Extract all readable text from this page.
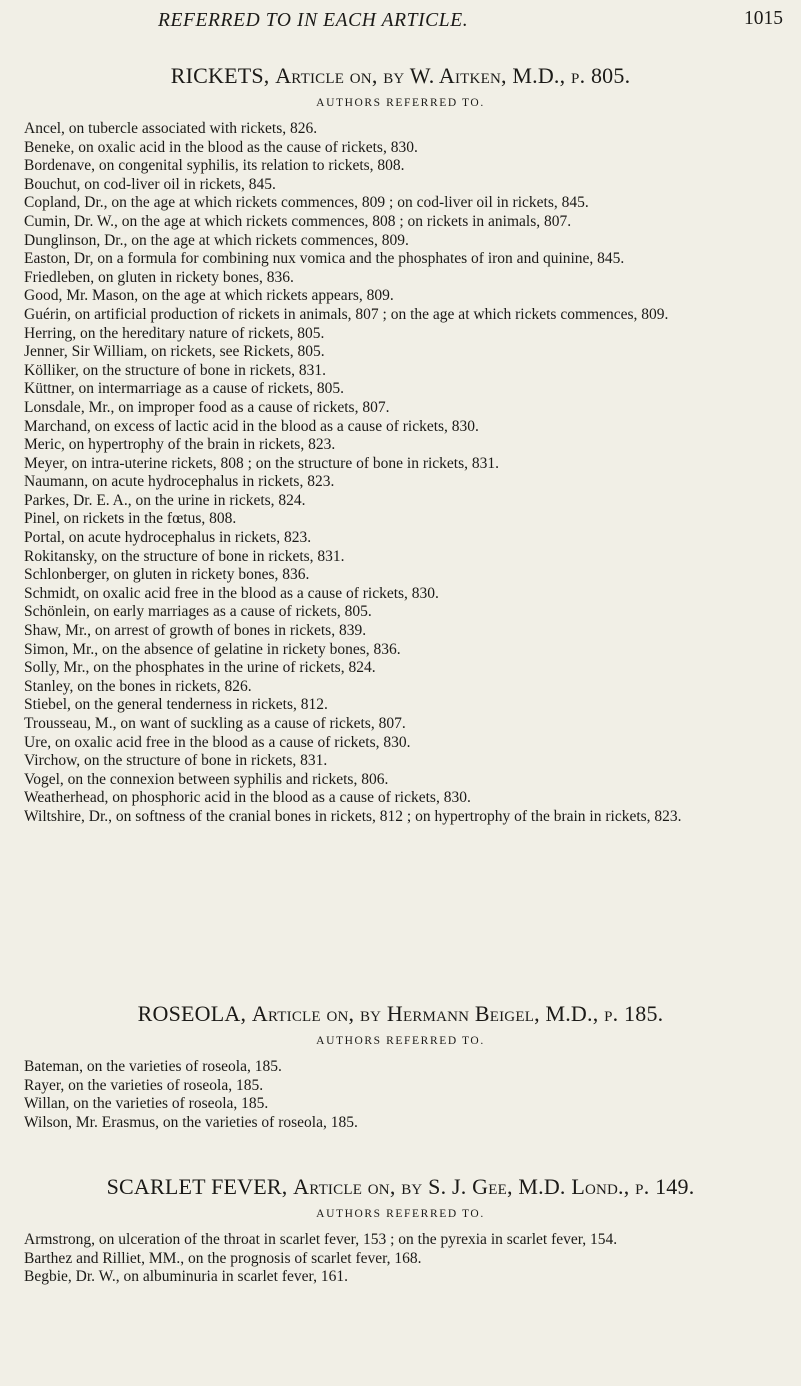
REFERRED TO IN EACH ARTICLE.	1015
RICKETS, Article on, by W. Aitken, M.D., p. 805.
AUTHORS REFERRED TO.
Ancel, on tubercle associated with rickets, 826.
Beneke, on oxalic acid in the blood as the cause of rickets, 830.
Bordenave, on congenital syphilis, its relation to rickets, 808.
Bouchut, on cod-liver oil in rickets, 845.
Copland, Dr., on the age at which rickets commences, 809 ; on cod-liver oil in rickets, 845.
Cumin, Dr. W., on the age at which rickets commences, 808 ; on rickets in animals, 807.
Dunglinson, Dr., on the age at which rickets commences, 809.
Easton, Dr, on a formula for combining nux vomica and the phosphates of iron and quinine, 845.
Friedleben, on gluten in rickety bones, 836.
Good, Mr. Mason, on the age at which rickets appears, 809.
Guérin, on artificial production of rickets in animals, 807 ; on the age at which rickets commences, 809.
Herring, on the hereditary nature of rickets, 805.
Jenner, Sir William, on rickets, see Rickets, 805.
Kölliker, on the structure of bone in rickets, 831.
Küttner, on intermarriage as a cause of rickets, 805.
Lonsdale, Mr., on improper food as a cause of rickets, 807.
Marchand, on excess of lactic acid in the blood as a cause of rickets, 830.
Meric, on hypertrophy of the brain in rickets, 823.
Meyer, on intra-uterine rickets, 808 ; on the structure of bone in rickets, 831.
Naumann, on acute hydrocephalus in rickets, 823.
Parkes, Dr. E. A., on the urine in rickets, 824.
Pinel, on rickets in the fœtus, 808.
Portal, on acute hydrocephalus in rickets, 823.
Rokitansky, on the structure of bone in rickets, 831.
Schlonberger, on gluten in rickety bones, 836.
Schmidt, on oxalic acid free in the blood as a cause of rickets, 830.
Schönlein, on early marriages as a cause of rickets, 805.
Shaw, Mr., on arrest of growth of bones in rickets, 839.
Simon, Mr., on the absence of gelatine in rickety bones, 836.
Solly, Mr., on the phosphates in the urine of rickets, 824.
Stanley, on the bones in rickets, 826.
Stiebel, on the general tenderness in rickets, 812.
Trousseau, M., on want of suckling as a cause of rickets, 807.
Ure, on oxalic acid free in the blood as a cause of rickets, 830.
Virchow, on the structure of bone in rickets, 831.
Vogel, on the connexion between syphilis and rickets, 806.
Weatherhead, on phosphoric acid in the blood as a cause of rickets, 830.
Wiltshire, Dr., on softness of the cranial bones in rickets, 812 ; on hypertrophy of the brain in rickets, 823.
ROSEOLA, Article on, by Hermann Beigel, M.D., p. 185.
AUTHORS REFERRED TO.
Bateman, on the varieties of roseola, 185.
Rayer, on the varieties of roseola, 185.
Willan, on the varieties of roseola, 185.
Wilson, Mr. Erasmus, on the varieties of roseola, 185.
SCARLET FEVER, Article on, by S. J. Gee, M.D. Lond., p. 149.
AUTHORS REFERRED TO.
Armstrong, on ulceration of the throat in scarlet fever, 153 ; on the pyrexia in scarlet fever, 154.
Barthez and Rilliet, MM., on the prognosis of scarlet fever, 168.
Begbie, Dr. W., on albuminuria in scarlet fever, 161.
